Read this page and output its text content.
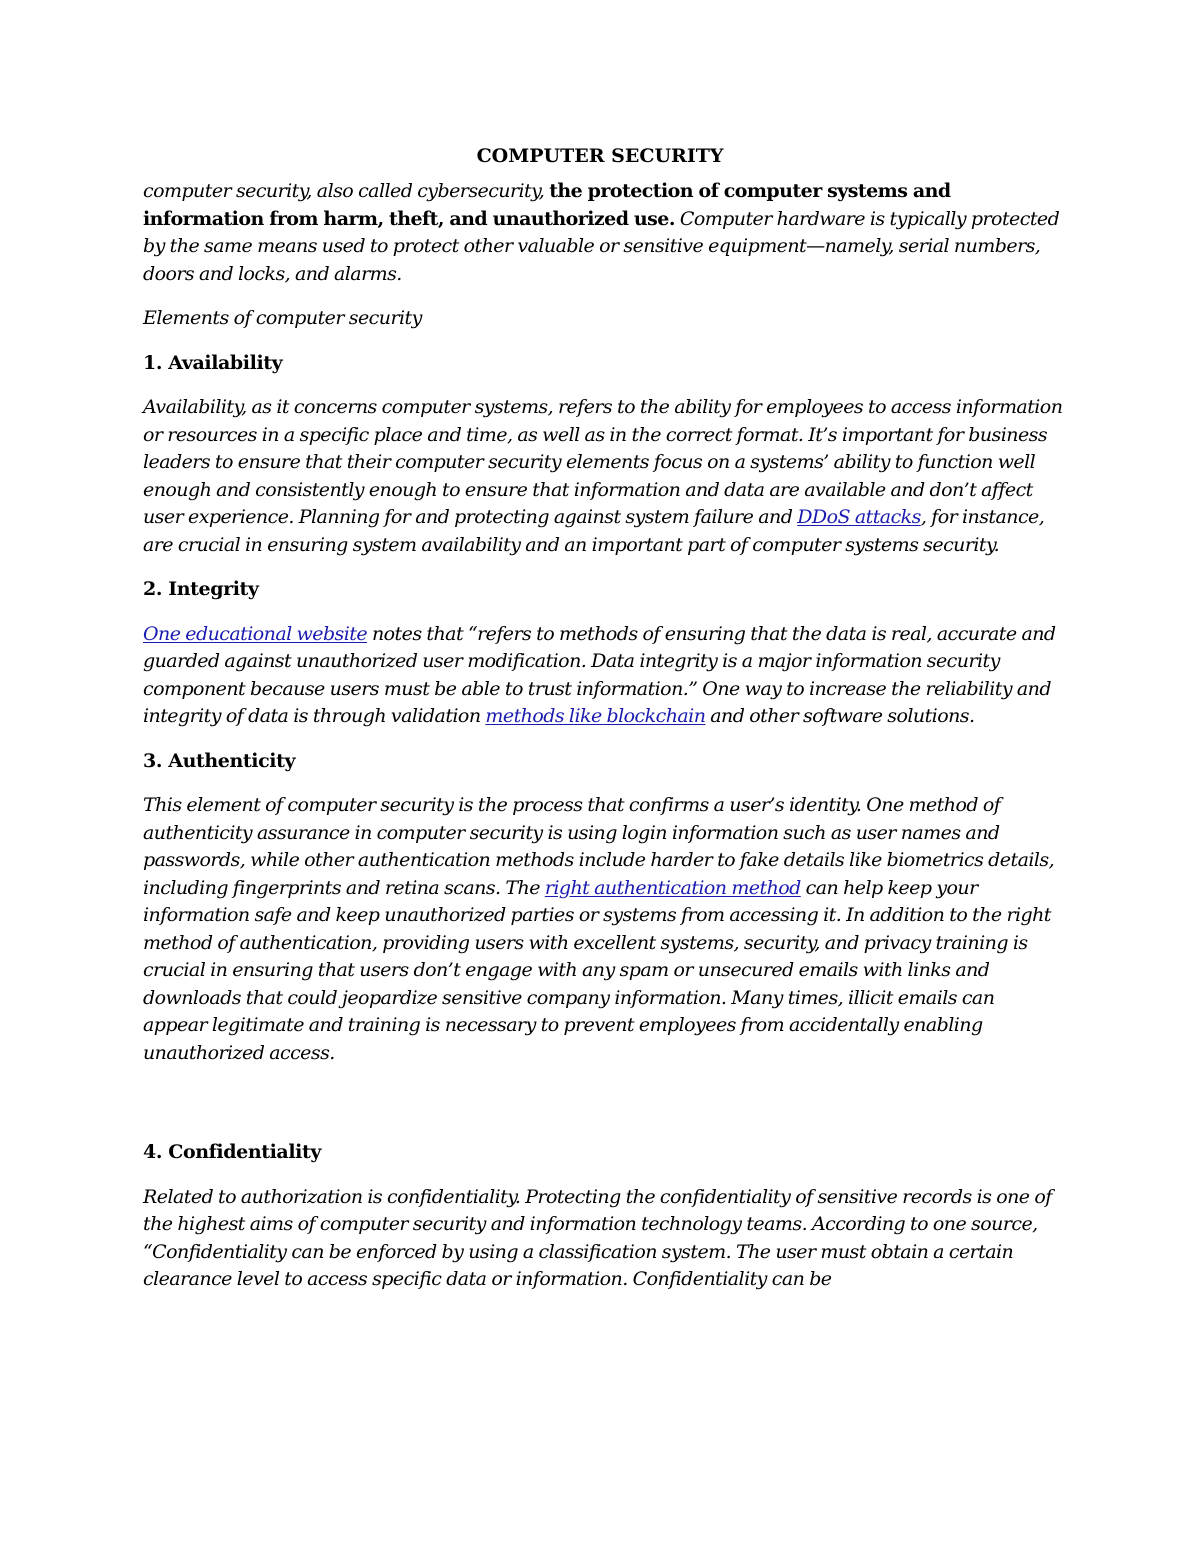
COMPUTER SECURITY

computer security, also called cybersecurity, the protection of computer systems and information from harm, theft, and unauthorized use. Computer hardware is typically protected by the same means used to protect other valuable or sensitive equipment—namely, serial numbers, doors and locks, and alarms.

Elements of computer security

1. Availability

Availability, as it concerns computer systems, refers to the ability for employees to access information or resources in a specific place and time, as well as in the correct format. It’s important for business leaders to ensure that their computer security elements focus on a systems’ ability to function well enough and consistently enough to ensure that information and data are available and don’t affect user experience. Planning for and protecting against system failure and DDoS attacks, for instance, are crucial in ensuring system availability and an important part of computer systems security.

2. Integrity

One educational website notes that “refers to methods of ensuring that the data is real, accurate and guarded against unauthorized user modification. Data integrity is a major information security component because users must be able to trust information.” One way to increase the reliability and integrity of data is through validation methods like blockchain and other software solutions.

3. Authenticity

This element of computer security is the process that confirms a user’s identity. One method of authenticity assurance in computer security is using login information such as user names and passwords, while other authentication methods include harder to fake details like biometrics details, including fingerprints and retina scans. The right authentication method can help keep your information safe and keep unauthorized parties or systems from accessing it. In addition to the right method of authentication, providing users with excellent systems, security, and privacy training is crucial in ensuring that users don’t engage with any spam or unsecured emails with links and downloads that could jeopardize sensitive company information. Many times, illicit emails can appear legitimate and training is necessary to prevent employees from accidentally enabling unauthorized access.

4. Confidentiality

Related to authorization is confidentiality. Protecting the confidentiality of sensitive records is one of the highest aims of computer security and information technology teams. According to one source, “Confidentiality can be enforced by using a classification system. The user must obtain a certain clearance level to access specific data or information. Confidentiality can be
